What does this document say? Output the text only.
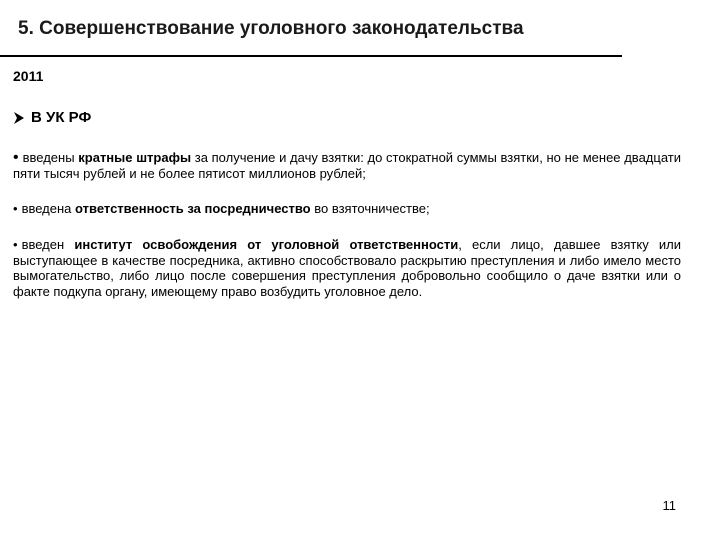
5. Совершенствование уголовного законодательства
2011
В УК РФ
• введены кратные штрафы за получение и дачу взятки: до стократной суммы взятки, но не менее двадцати пяти тысяч рублей и не более пятисот миллионов рублей;
• введена ответственность за посредничество во взяточничестве;
• введен институт освобождения от уголовной ответственности, если лицо, давшее взятку или выступающее в качестве посредника, активно способствовало раскрытию преступления и либо имело место вымогательство, либо лицо после совершения преступления добровольно сообщило о даче взятки или о факте подкупа органу, имеющему право возбудить уголовное дело.
11
